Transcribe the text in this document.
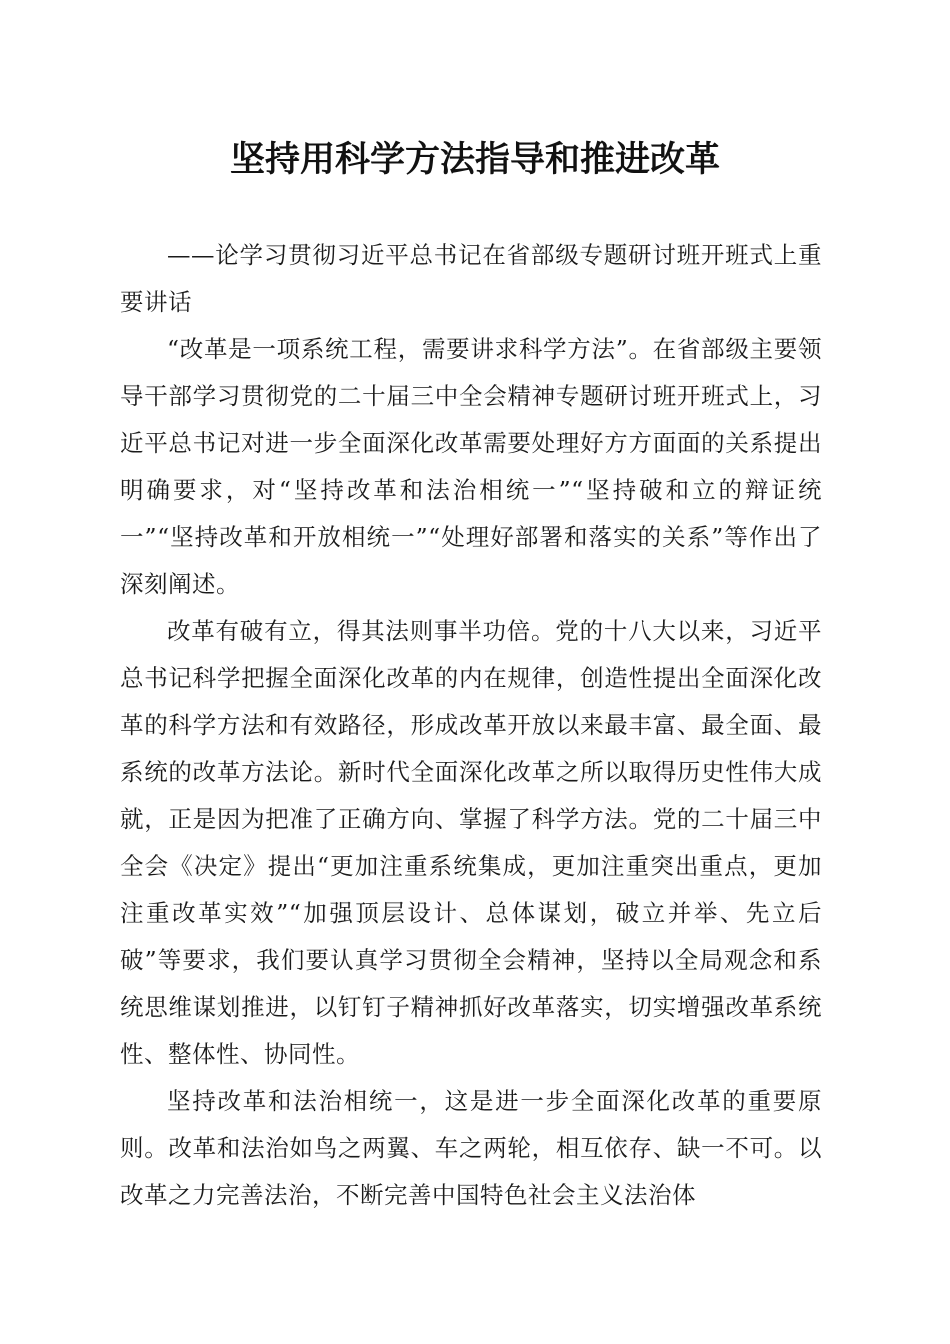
坚持用科学方法指导和推进改革

——论学习贯彻习近平总书记在省部级专题研讨班开班式上重要讲话

“改革是一项系统工程，需要讲求科学方法”。在省部级主要领导干部学习贯彻党的二十届三中全会精神专题研讨班开班式上，习近平总书记对进一步全面深化改革需要处理好方方面面的关系提出明确要求，对“坚持改革和法治相统一”“坚持破和立的辩证统一”“坚持改革和开放相统一”“处理好部署和落实的关系”等作出了深刻阐述。

改革有破有立，得其法则事半功倍。党的十八大以来，习近平总书记科学把握全面深化改革的内在规律，创造性提出全面深化改革的科学方法和有效路径，形成改革开放以来最丰富、最全面、最系统的改革方法论。新时代全面深化改革之所以取得历史性伟大成就，正是因为把准了正确方向、掌握了科学方法。党的二十届三中全会《决定》提出“更加注重系统集成，更加注重突出重点，更加注重改革实效”“加强顶层设计、总体谋划，破立并举、先立后破”等要求，我们要认真学习贯彻全会精神，坚持以全局观念和系统思维谋划推进，以钉钉子精神抓好改革落实，切实增强改革系统性、整体性、协同性。

坚持改革和法治相统一，这是进一步全面深化改革的重要原则。改革和法治如鸟之两翼、车之两轮，相互依存、缺一不可。以改革之力完善法治，不断完善中国特色社会主义法治体
